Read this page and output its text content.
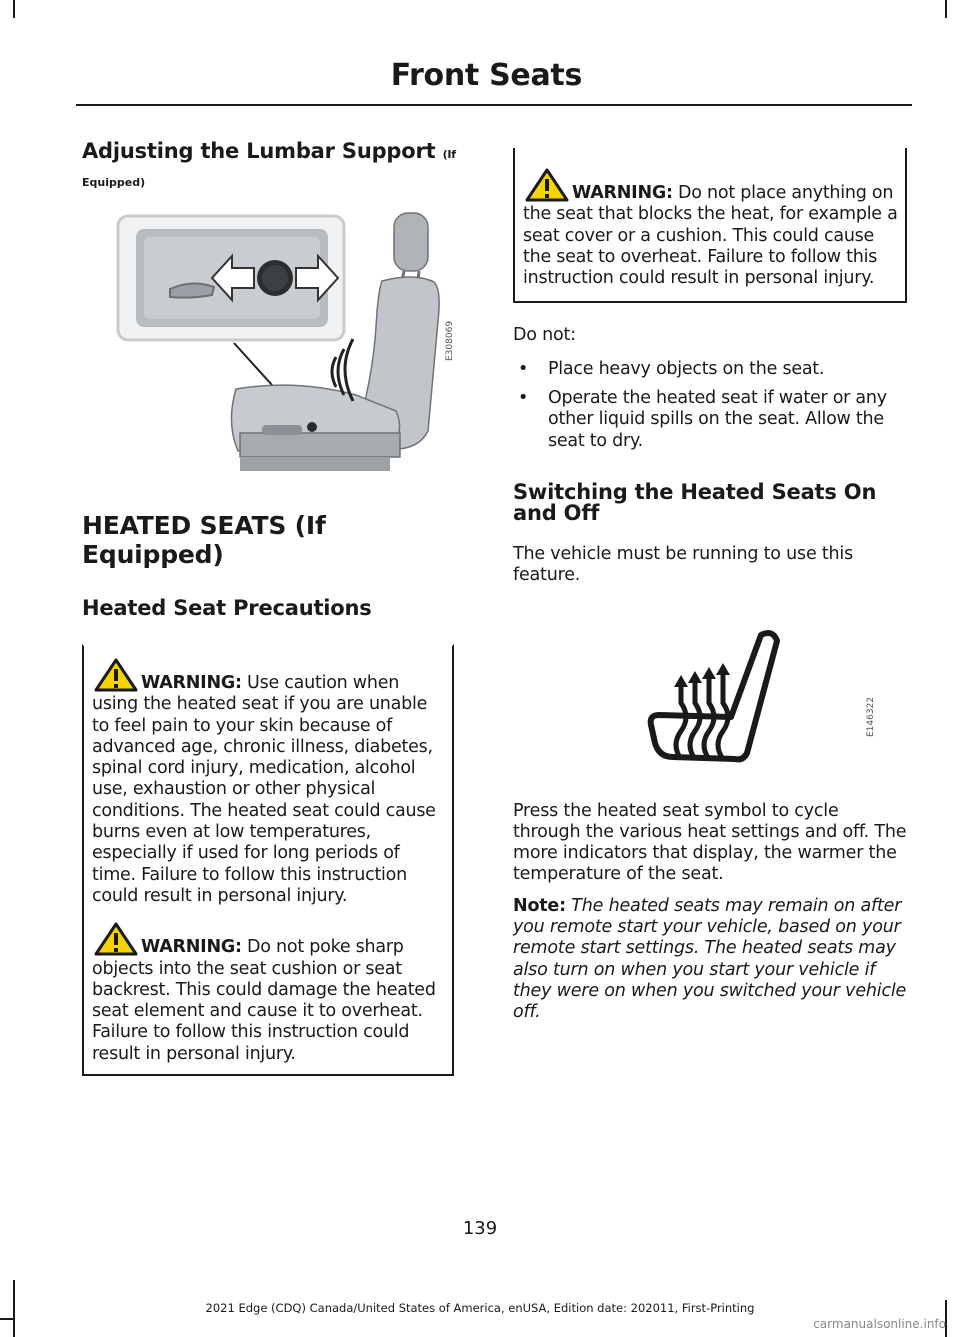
Front Seats
Adjusting the Lumbar Support (If
Equipped)
E308069
HEATED SEATS (If Equipped)
Heated Seat Precautions

WARNING: Use caution when using the heated seat if you are unable to feel pain to your skin because of advanced age, chronic illness, diabetes, spinal cord injury, medication, alcohol use, exhaustion or other physical conditions. The heated seat could cause burns even at low temperatures, especially if used for long periods of time. Failure to follow this instruction could result in personal injury.

WARNING: Do not poke sharp objects into the seat cushion or seat backrest. This could damage the heated seat element and cause it to overheat. Failure to follow this instruction could result in personal injury.

WARNING: Do not place anything on the seat that blocks the heat, for example a seat cover or a cushion. This could cause the seat to overheat. Failure to follow this instruction could result in personal injury.

Do not:

• Place heavy objects on the seat.
• Operate the heated seat if water or any other liquid spills on the seat. Allow the seat to dry.
Switching the Heated Seats On and Off

The vehicle must be running to use this feature.

E146322

Press the heated seat symbol to cycle through the various heat settings and off. The more indicators that display, the warmer the temperature of the seat.

Note: The heated seats may remain on after you remote start your vehicle, based on your remote start settings. The heated seats may also turn on when you start your vehicle if they were on when you switched your vehicle off.

139
2021 Edge (CDQ) Canada/United States of America, enUSA, Edition date: 202011, First-Printing
carmanualsonline.info
